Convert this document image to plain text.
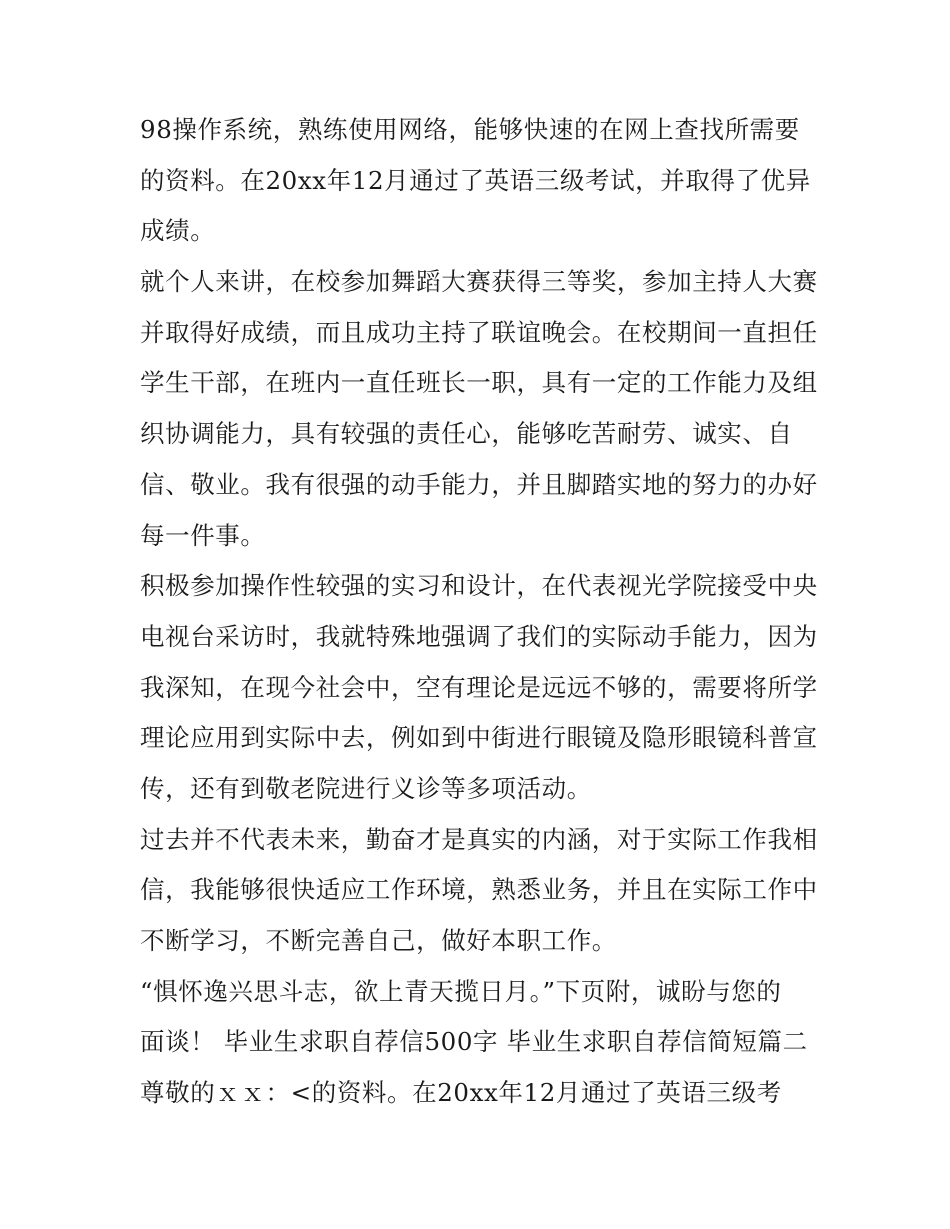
98操作系统，熟练使用网络，能够快速的在网上查找所需要
的资料。在20xx年12月通过了英语三级考试，并取得了优异
成绩。
就个人来讲，在校参加舞蹈大赛获得三等奖，参加主持人大赛
并取得好成绩，而且成功主持了联谊晚会。在校期间一直担任
学生干部，在班内一直任班长一职，具有一定的工作能力及组
织协调能力，具有较强的责任心，能够吃苦耐劳、诚实、自
信、敬业。我有很强的动手能力，并且脚踏实地的努力的办好
每一件事。
积极参加操作性较强的实习和设计，在代表视光学院接受中央
电视台采访时，我就特殊地强调了我们的实际动手能力，因为
我深知，在现今社会中，空有理论是远远不够的，需要将所学
理论应用到实际中去，例如到中街进行眼镜及隐形眼镜科普宣
传，还有到敬老院进行义诊等多项活动。
过去并不代表未来，勤奋才是真实的内涵，对于实际工作我相
信，我能够很快适应工作环境，熟悉业务，并且在实际工作中
不断学习，不断完善自己，做好本职工作。
“惧怀逸兴思斗志，欲上青天揽日月。”下页附，诚盼与您的
面谈！ 毕业生求职自荐信500字 毕业生求职自荐信简短篇二
尊敬的ｘｘ：<的资料。在20xx年12月通过了英语三级考
